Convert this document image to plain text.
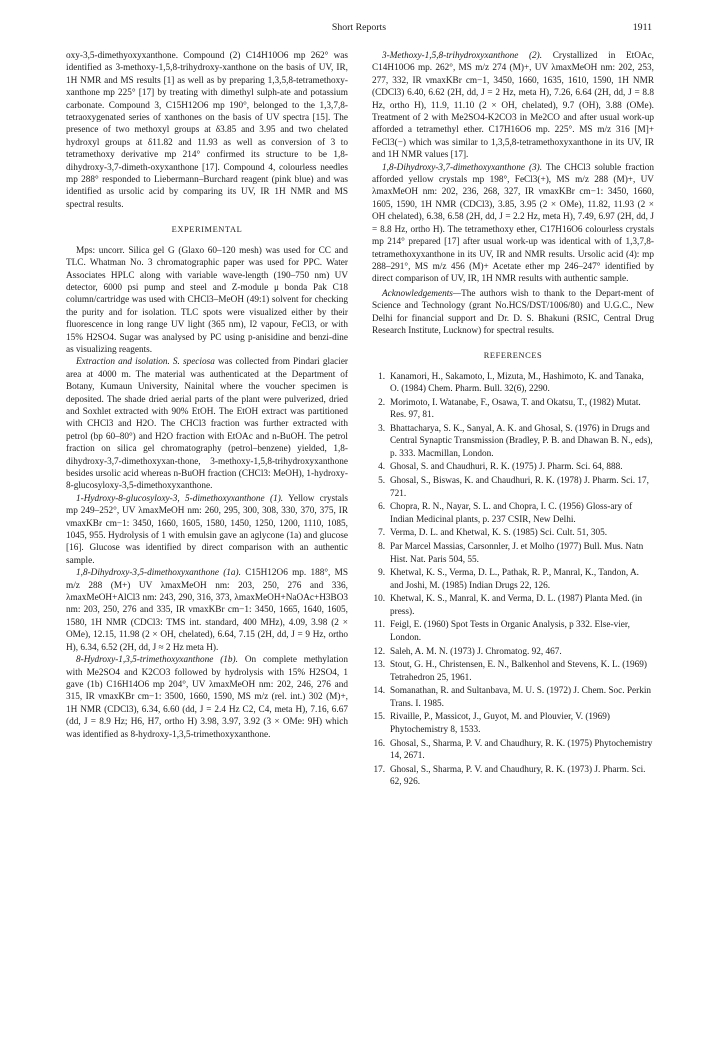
Short Reports	1911

oxy-3,5-dimethyoxyxanthone. Compound (2) C14H10O6 mp 262° was identified as 3-methoxy-1,5,8-trihydroxy-xanthone on the basis of UV, IR, 1H NMR and MS results [1] as well as by preparing 1,3,5,8-tetramethoxy-xanthone mp 225° [17] by treating with dimethyl sulph-ate and potassium carbonate. Compound 3, C15H12O6 mp 190°, belonged to the 1,3,7,8-tetraoxygenated series of xanthones on the basis of UV spectra [15]. The presence of two methoxyl groups at δ3.85 and 3.95 and two chelated hydroxyl groups at δ11.82 and 11.93 as well as conversion of 3 to tetramethoxy derivative mp 214° confirmed its structure to be 1,8-dihydroxy-3,7-dimeth-oxyxanthone [17]. Compound 4, colourless needles mp 288° responded to Liebermann–Burchard reagent (pink blue) and was identified as ursolic acid by comparing its UV, IR 1H NMR and MS spectral results.

EXPERIMENTAL

Mps: uncorr. Silica gel G (Glaxo 60–120 mesh) was used for CC and TLC. Whatman No. 3 chromatographic paper was used for PPC. Water Associates HPLC along with variable wave-length (190–750 nm) UV detector, 6000 psi pump and steel and Z-module μ bonda Pak C18 column/cartridge was used with CHCl3–MeOH (49:1) solvent for checking the purity and for isolation. TLC spots were visualized either by their fluorescence in long range UV light (365 nm), I2 vapour, FeCl3, or with 15% H2SO4. Sugar was analysed by PC using p-anisidine and benzi-dine as visualizing reagents.

Extraction and isolation. S. speciosa was collected from Pindari glacier area at 4000 m. The material was authenticated at the Department of Botany, Kumaun University, Nainital where the voucher specimen is deposited. The shade dried aerial parts of the plant were pulverized, dried and Soxhlet extracted with 90% EtOH. The EtOH extract was partitioned with CHCl3 and H2O. The CHCl3 fraction was further extracted with petrol (bp 60–80°) and H2O fraction with EtOAc and n-BuOH. The petrol fraction on silica gel chromatography (petrol–benzene) yielded, 1,8-dihydroxy-3,7-dimethoxyxan-thone, 3-methoxy-1,5,8-trihydroxyxanthone besides ursolic acid whereas n-BuOH fraction (CHCl3: MeOH), 1-hydroxy-8-glucosyloxy-3,5-dimethoxyxanthone.

1-Hydroxy-8-glucosyloxy-3, 5-dimethoxyxanthone (1). Yellow crystals mp 249–252°, UV λmaxMeOH nm: 260, 295, 300, 308, 330, 370, 375, IR νmaxKBr cm−1: 3450, 1660, 1605, 1580, 1450, 1250, 1200, 1110, 1085, 1045, 955. Hydrolysis of 1 with emulsin gave an aglycone (1a) and glucose [16]. Glucose was identified by direct comparison with an authentic sample.

1,8-Dihydroxy-3,5-dimethoxyxanthone (1a). C15H12O6 mp. 188°, MS m/z 288 (M+) UV λmaxMeOH nm: 203, 250, 276 and 336, λmaxMeOH+AlCl3 nm: 243, 290, 316, 373, λmaxMeOH+NaOAc+H3BO3 nm: 203, 250, 276 and 335, IR νmaxKBr cm−1: 3450, 1665, 1640, 1605, 1580, 1H NMR (CDCl3: TMS int. standard, 400 MHz), 4.09, 3.98 (2 × OMe), 12.15, 11.98 (2 × OH, chelated), 6.64, 7.15 (2H, dd, J = 9 Hz, ortho H), 6.34, 6.52 (2H, dd, J ≈ 2 Hz meta H).

8-Hydroxy-1,3,5-trimethoxyxanthone (1b). On complete methylation with Me2SO4 and K2CO3 followed by hydrolysis with 15% H2SO4, 1 gave (1b) C16H14O6 mp 204°, UV λmaxMeOH nm: 202, 246, 276 and 315, IR νmaxKBr cm−1: 3500, 1660, 1590, MS m/z (rel. int.) 302 (M)+, 1H NMR (CDCl3), 6.34, 6.60 (dd, J = 2.4 Hz C2, C4, meta H), 7.16, 6.67 (dd, J = 8.9 Hz; H6, H7, ortho H) 3.98, 3.97, 3.92 (3 × OMe: 9H) which was identified as 8-hydroxy-1,3,5-trimethoxyxanthone.

3-Methoxy-1,5,8-trihydroxyxanthone (2). Crystallized in EtOAc, C14H10O6 mp. 262°, MS m/z 274 (M)+, UV λmaxMeOH nm: 202, 253, 277, 332, IR νmaxKBr cm−1, 3450, 1660, 1635, 1610, 1590, 1H NMR (CDCl3) 6.40, 6.62 (2H, dd, J = 2 Hz, meta H), 7.26, 6.64 (2H, dd, J = 8.8 Hz, ortho H), 11.9, 11.10 (2 × OH, chelated), 9.7 (OH), 3.88 (OMe). Treatment of 2 with Me2SO4-K2CO3 in Me2CO and after usual work-up afforded a tetramethyl ether. C17H16O6 mp. 225°. MS m/z 316 [M]+ FeCl3(−) which was similar to 1,3,5,8-tetramethoxyxanthone in its UV, IR and 1H NMR values [17].

1,8-Dihydroxy-3,7-dimethoxyxanthone (3). The CHCl3 soluble fraction afforded yellow crystals mp 198°, FeCl3(+), MS m/z 288 (M)+, UV λmaxMeOH nm: 202, 236, 268, 327, IR νmaxKBr cm−1: 3450, 1660, 1605, 1590, 1H NMR (CDCl3), 3.85, 3.95 (2 × OMe), 11.82, 11.93 (2 × OH chelated), 6.38, 6.58 (2H, dd, J = 2.2 Hz, meta H), 7.49, 6.97 (2H, dd, J = 8.8 Hz, ortho H). The tetramethoxy ether, C17H16O6 colourless crystals mp 214° prepared [17] after usual work-up was identical with of 1,3,7,8-tetramethoxyxanthone in its UV, IR and NMR results. Ursolic acid (4): mp 288–291°, MS m/z 456 (M)+ Acetate ether mp 246–247° identified by direct comparison of UV, IR, 1H NMR results with authentic sample.

Acknowledgements—The authors wish to thank to the Depart-ment of Science and Technology (grant No.HCS/DST/1006/80) and U.G.C., New Delhi for financial support and Dr. D. S. Bhakuni (RSIC, Central Drug Research Institute, Lucknow) for spectral results.

REFERENCES
1. Kanamori, H., Sakamoto, I., Mizuta, M., Hashimoto, K. and Tanaka, O. (1984) Chem. Pharm. Bull. 32(6), 2290.
2. Morimoto, I. Watanabe, F., Osawa, T. and Okatsu, T., (1982) Mutat. Res. 97, 81.
3. Bhattacharya, S. K., Sanyal, A. K. and Ghosal, S. (1976) in Drugs and Central Synaptic Transmission (Bradley, P. B. and Dhawan B. N., eds), p. 333. Macmillan, London.
4. Ghosal, S. and Chaudhuri, R. K. (1975) J. Pharm. Sci. 64, 888.
5. Ghosal, S., Biswas, K. and Chaudhuri, R. K. (1978) J. Pharm. Sci. 17, 721.
6. Chopra, R. N., Nayar, S. L. and Chopra, I. C. (1956) Gloss-ary of Indian Medicinal plants, p. 237 CSIR, New Delhi.
7. Verma, D. L. and Khetwal, K. S. (1985) Sci. Cult. 51, 305.
8. Par Marcel Massias, Carsonnler, J. et Molho (1977) Bull. Mus. Natn Hist. Nat. Paris 504, 55.
9. Khetwal, K. S., Verma, D. L., Pathak, R. P., Manral, K., Tandon, A. and Joshi, M. (1985) Indian Drugs 22, 126.
10. Khetwal, K. S., Manral, K. and Verma, D. L. (1987) Planta Med. (in press).
11. Feigl, E. (1960) Spot Tests in Organic Analysis, p 332. Else-vier, London.
12. Saleh, A. M. N. (1973) J. Chromatog. 92, 467.
13. Stout, G. H., Christensen, E. N., Balkenhol and Stevens, K. L. (1969) Tetrahedron 25, 1961.
14. Somanathan, R. and Sultanbava, M. U. S. (1972) J. Chem. Soc. Perkin Trans. I. 1985.
15. Rivaille, P., Massicot, J., Guyot, M. and Plouvier, V. (1969) Phytochemistry 8, 1533.
16. Ghosal, S., Sharma, P. V. and Chaudhury, R. K. (1975) Phytochemistry 14, 2671.
17. Ghosal, S., Sharma, P. V. and Chaudhury, R. K. (1973) J. Pharm. Sci. 62, 926.
